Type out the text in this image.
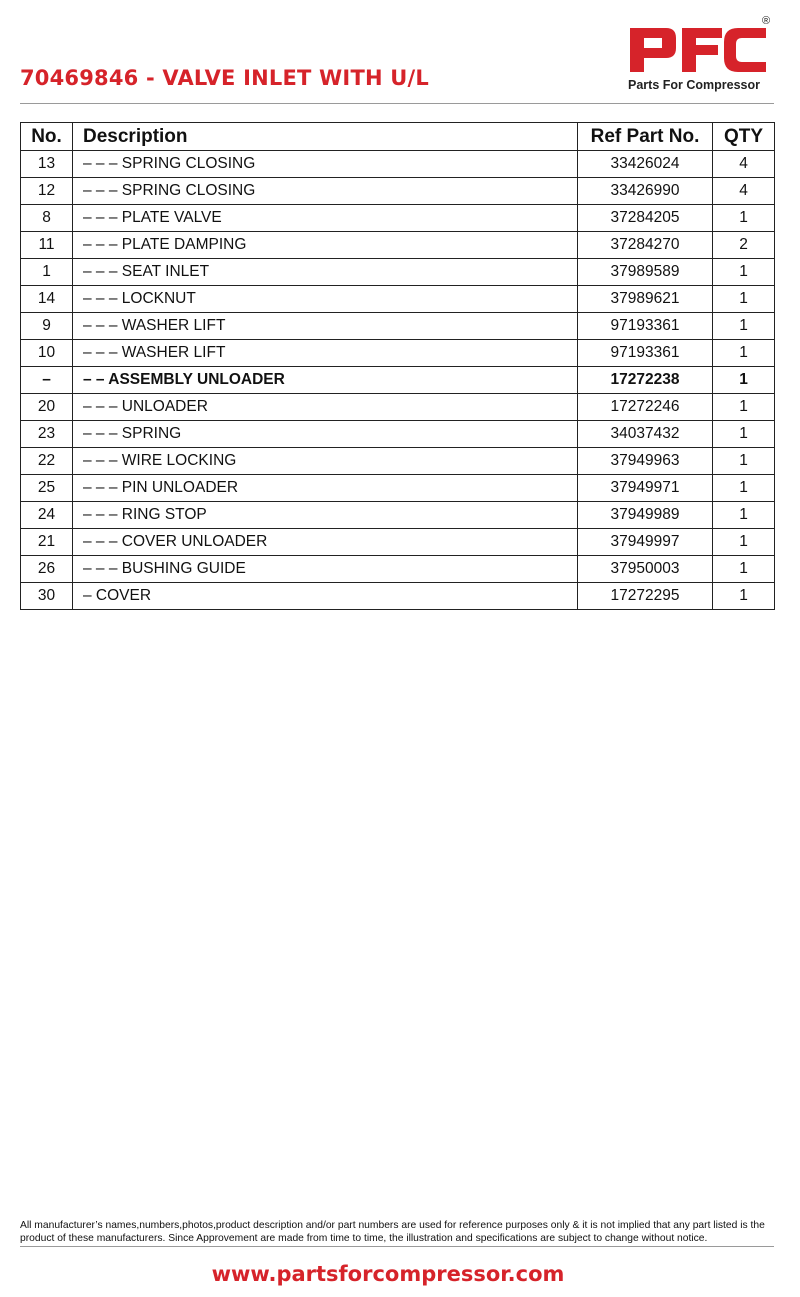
70469846 - VALVE INLET WITH U/L
®
Parts For Compressor
No.	Description	Ref Part No.	QTY
13	– – – SPRING CLOSING	33426024	4
12	– – – SPRING CLOSING	33426990	4
8	– – – PLATE VALVE	37284205	1
11	– – – PLATE DAMPING	37284270	2
1	– – – SEAT INLET	37989589	1
14	– – – LOCKNUT	37989621	1
9	– – – WASHER LIFT	97193361	1
10	– – – WASHER LIFT	97193361	1
–	– – ASSEMBLY UNLOADER	17272238	1
20	– – – UNLOADER	17272246	1
23	– – – SPRING	34037432	1
22	– – – WIRE LOCKING	37949963	1
25	– – – PIN UNLOADER	37949971	1
24	– – – RING STOP	37949989	1
21	– – – COVER UNLOADER	37949997	1
26	– – – BUSHING GUIDE	37950003	1
30	– COVER	17272295	1
All manufacturer’s names,numbers,photos,product description and/or part numbers are used for reference purposes only & it is not implied that any part listed is the product of these manufacturers. Since Approvement are made from time to time, the illustration and specifications are subject to change without notice.
www.partsforcompressor.com
